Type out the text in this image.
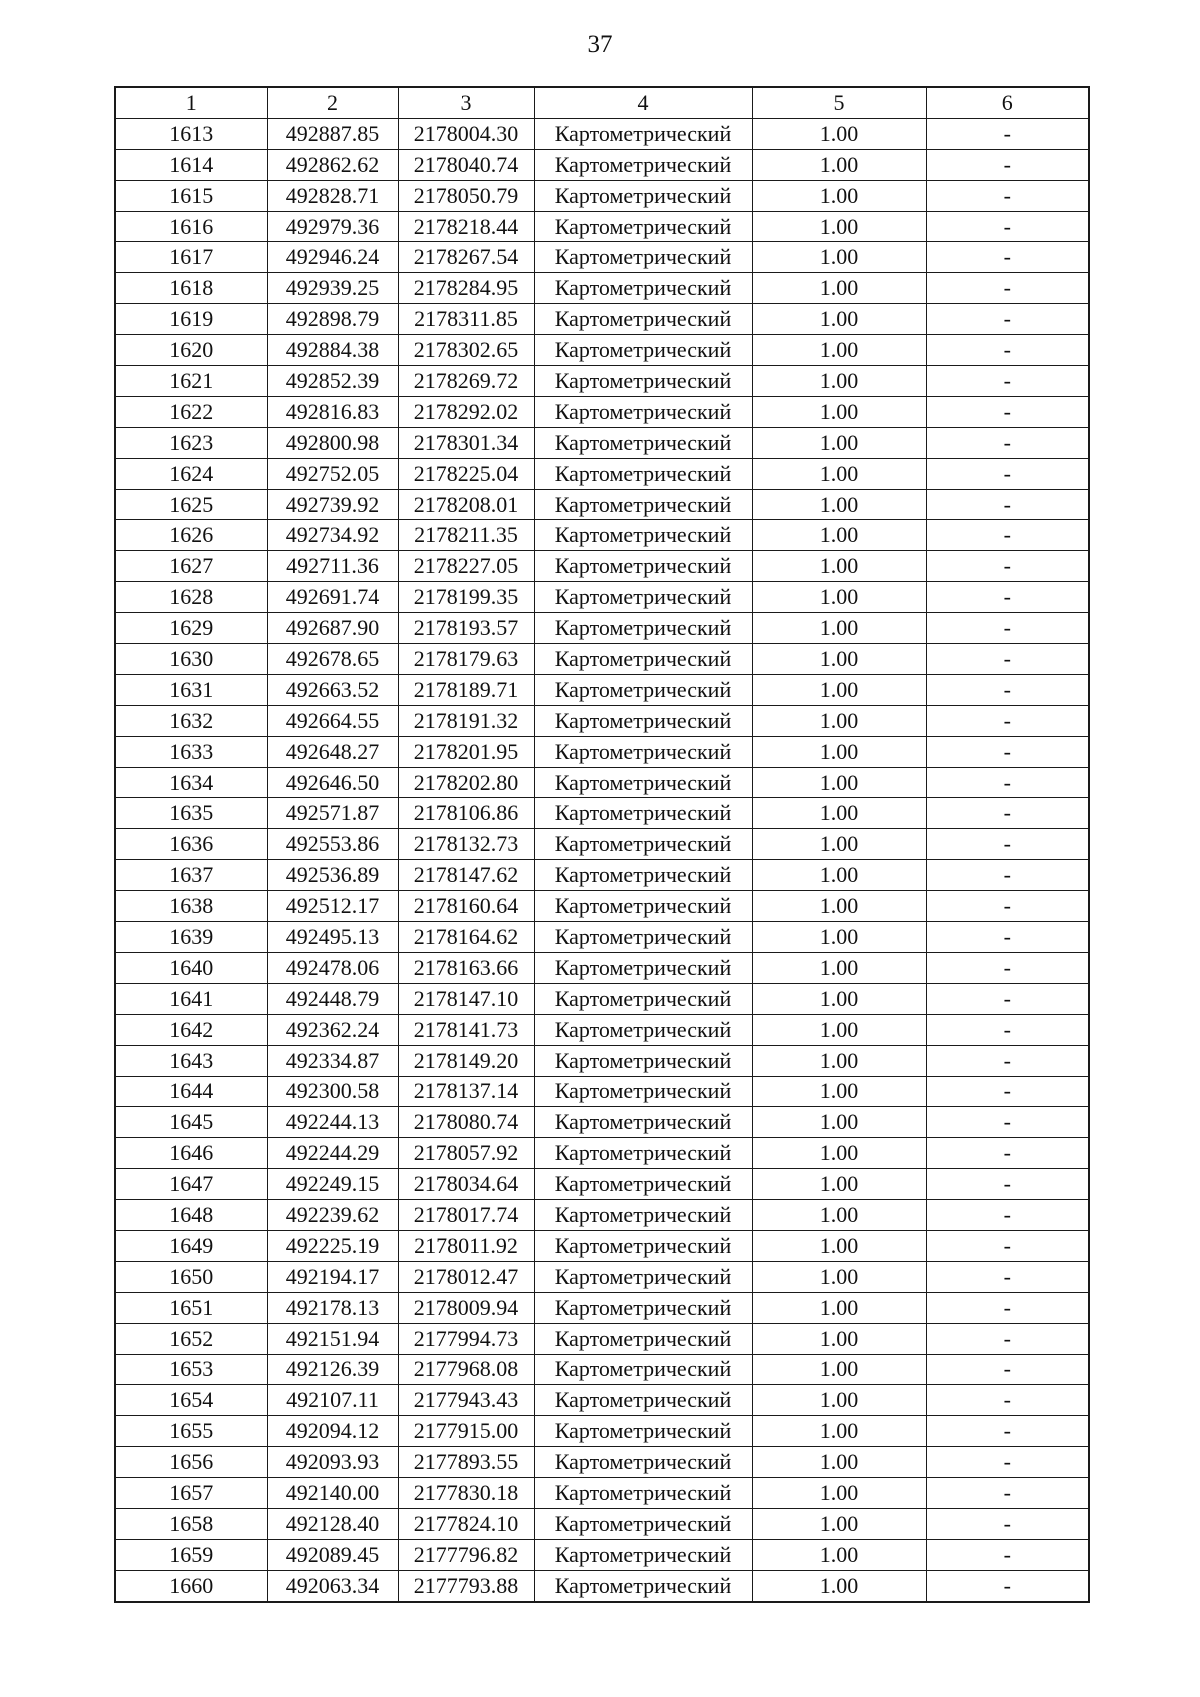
37
1	2	3	4	5	6
1613	492887.85	2178004.30	Картометрический	1.00	-
1614	492862.62	2178040.74	Картометрический	1.00	-
1615	492828.71	2178050.79	Картометрический	1.00	-
1616	492979.36	2178218.44	Картометрический	1.00	-
1617	492946.24	2178267.54	Картометрический	1.00	-
1618	492939.25	2178284.95	Картометрический	1.00	-
1619	492898.79	2178311.85	Картометрический	1.00	-
1620	492884.38	2178302.65	Картометрический	1.00	-
1621	492852.39	2178269.72	Картометрический	1.00	-
1622	492816.83	2178292.02	Картометрический	1.00	-
1623	492800.98	2178301.34	Картометрический	1.00	-
1624	492752.05	2178225.04	Картометрический	1.00	-
1625	492739.92	2178208.01	Картометрический	1.00	-
1626	492734.92	2178211.35	Картометрический	1.00	-
1627	492711.36	2178227.05	Картометрический	1.00	-
1628	492691.74	2178199.35	Картометрический	1.00	-
1629	492687.90	2178193.57	Картометрический	1.00	-
1630	492678.65	2178179.63	Картометрический	1.00	-
1631	492663.52	2178189.71	Картометрический	1.00	-
1632	492664.55	2178191.32	Картометрический	1.00	-
1633	492648.27	2178201.95	Картометрический	1.00	-
1634	492646.50	2178202.80	Картометрический	1.00	-
1635	492571.87	2178106.86	Картометрический	1.00	-
1636	492553.86	2178132.73	Картометрический	1.00	-
1637	492536.89	2178147.62	Картометрический	1.00	-
1638	492512.17	2178160.64	Картометрический	1.00	-
1639	492495.13	2178164.62	Картометрический	1.00	-
1640	492478.06	2178163.66	Картометрический	1.00	-
1641	492448.79	2178147.10	Картометрический	1.00	-
1642	492362.24	2178141.73	Картометрический	1.00	-
1643	492334.87	2178149.20	Картометрический	1.00	-
1644	492300.58	2178137.14	Картометрический	1.00	-
1645	492244.13	2178080.74	Картометрический	1.00	-
1646	492244.29	2178057.92	Картометрический	1.00	-
1647	492249.15	2178034.64	Картометрический	1.00	-
1648	492239.62	2178017.74	Картометрический	1.00	-
1649	492225.19	2178011.92	Картометрический	1.00	-
1650	492194.17	2178012.47	Картометрический	1.00	-
1651	492178.13	2178009.94	Картометрический	1.00	-
1652	492151.94	2177994.73	Картометрический	1.00	-
1653	492126.39	2177968.08	Картометрический	1.00	-
1654	492107.11	2177943.43	Картометрический	1.00	-
1655	492094.12	2177915.00	Картометрический	1.00	-
1656	492093.93	2177893.55	Картометрический	1.00	-
1657	492140.00	2177830.18	Картометрический	1.00	-
1658	492128.40	2177824.10	Картометрический	1.00	-
1659	492089.45	2177796.82	Картометрический	1.00	-
1660	492063.34	2177793.88	Картометрический	1.00	-
